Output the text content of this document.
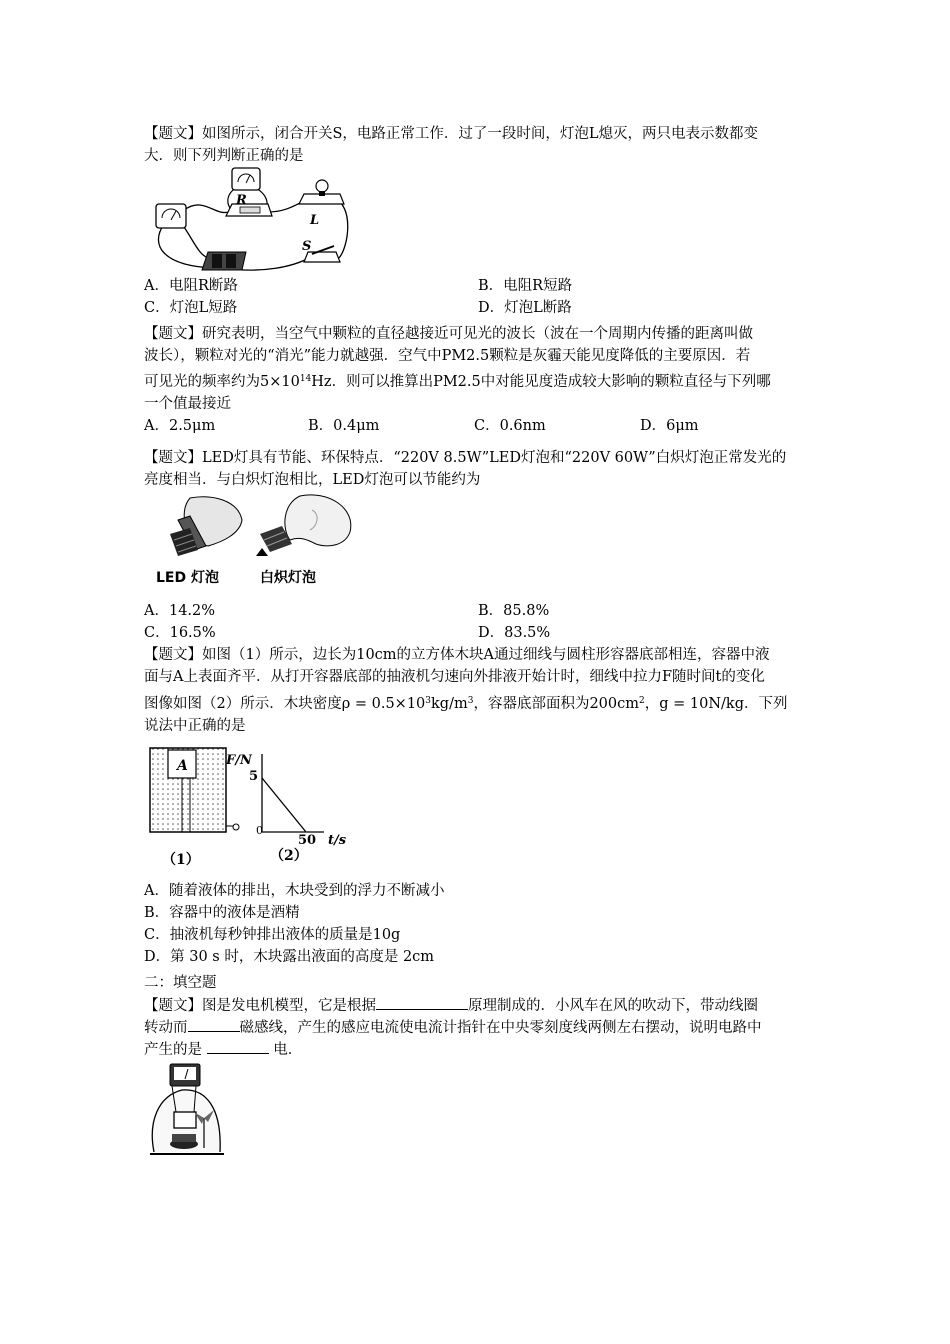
【题文】如图所示，闭合开关S，电路正常工作．过了一段时间，灯泡L熄灭，两只电表示数都变
大．则下列判断正确的是
R
L
S
A．电阻R断路	B．电阻R短路
C．灯泡L短路	D．灯泡L断路
【题文】研究表明，当空气中颗粒的直径越接近可见光的波长（波在一个周期内传播的距离叫做
波长），颗粒对光的“消光”能力就越强．空气中PM2.5颗粒是灰霾天能见度降低的主要原因．若
可见光的频率约为$5\times 10^{14}Hz$．则可以推算出PM2.5中对能见度造成较大影响的颗粒直径与下列哪
一个值最接近
A．2.5μm	B．0.4μm	C．0.6nm	D．6μm
【题文】LED灯具有节能、环保特点．“220V 8.5W”LED灯泡和“220V 60W”白炽灯泡正常发光的
亮度相当．与白炽灯泡相比，LED灯泡可以节能约为
LED 灯泡	白炽灯泡
A．14.2%	B．85.8%
C．16.5%	D．83.5%
【题文】如图（1）所示，边长为10cm的立方体木块A通过细线与圆柱形容器底部相连，容器中液
面与A上表面齐平．从打开容器底部的抽液机匀速向外排液开始计时，细线中拉力F随时间t的变化
图像如图（2）所示．木块密度$\rho = 0.5\times 10^3kg/m^3$，容器底部面积为$200cm^2$，g = 10N/kg．下列
说法中正确的是
A	F/N
5
0
50 t/s
（1）	（2）
A．随着液体的排出，木块受到的浮力不断减小
B．容器中的液体是酒精
C．抽液机每秒钟排出液体的质量是10g
D．第 30 s 时，木块露出液面的高度是 2cm
二：填空题
【题文】图是发电机模型，它是根据	原理制成的．小风车在风的吹动下，带动线圈
转动而	磁感线，产生的感应电流使电流计指针在中央零刻度线两侧左右摆动，说明电路中
产生的是	电．
